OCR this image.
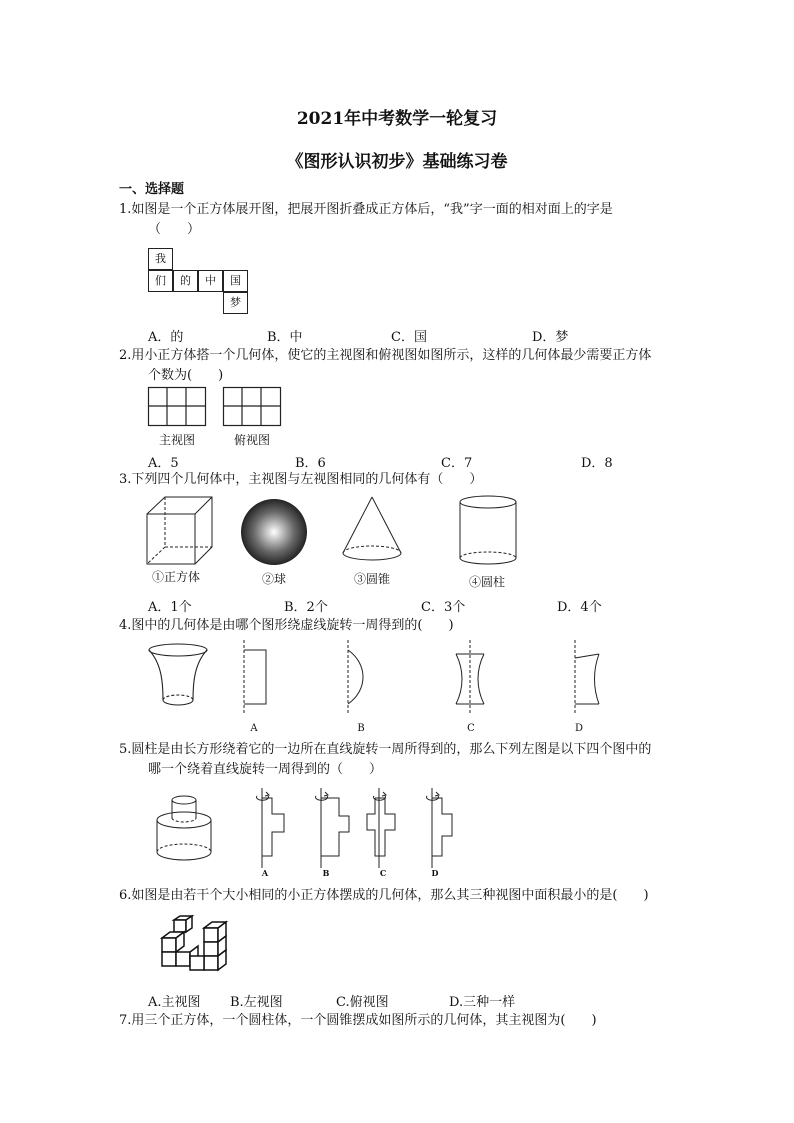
2021年中考数学一轮复习
《图形认识初步》基础练习卷
一、选择题
1.如图是一个正方体展开图，把展开图折叠成正方体后，“我”字一面的相对面上的字是
（　　）
我
们	的	中	国
梦
A．的	B．中	C．国	D．梦
2.用小正方体搭一个几何体，使它的主视图和俯视图如图所示，这样的几何体最少需要正方体
个数为(　　)
主视图	俯视图
A．5	B．6	C．7	D．8
3.下列四个几何体中，主视图与左视图相同的几何体有（　　）
①正方体	②球	③圆锥	④圆柱
A．1个	B．2个	C．3个	D．4个
4.图中的几何体是由哪个图形绕虚线旋转一周得到的(　　)
A	B	C	D
5.圆柱是由长方形绕着它的一边所在直线旋转一周所得到的，那么下列左图是以下四个图中的
哪一个绕着直线旋转一周得到的（　　）
A	B	C	D
6.如图是由若干个大小相同的小正方体摆成的几何体，那么其三种视图中面积最小的是(　　)
A.主视图 B.左视图	C.俯视图	D.三种一样
7.用三个正方体，一个圆柱体，一个圆锥摆成如图所示的几何体，其主视图为(　　)
